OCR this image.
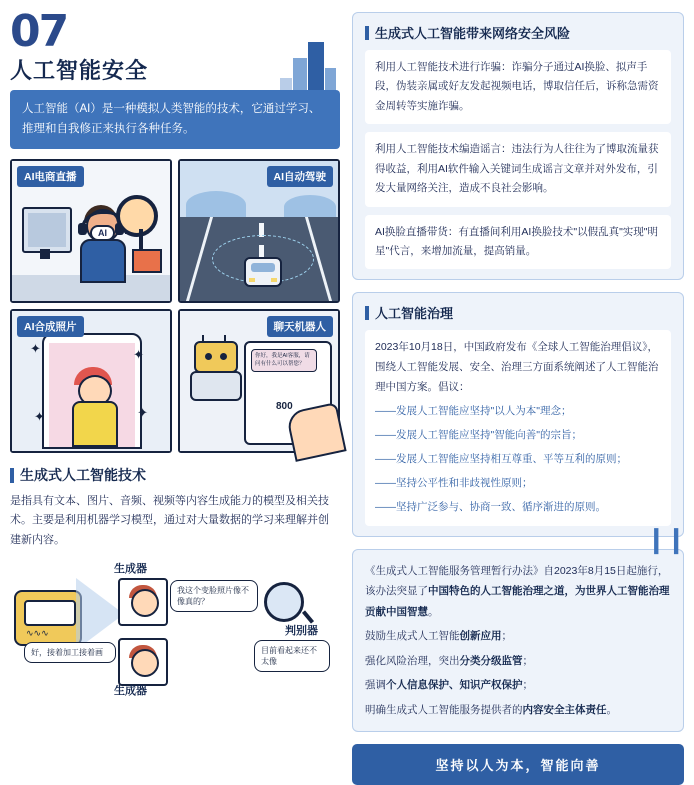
07
人工智能安全
人工智能（AI）是一种模拟人类智能的技术，它通过学习、推理和自我修正来执行各种任务。
AI电商直播
AI
AI自动驾驶
AI合成照片
✦	✦
✦	✦
聊天机器人
你好，我是AI客服，请问有什么可以帮您？
800
生成式人工智能技术
是指具有文本、图片、音频、视频等内容生成能力的模型及相关技术。主要是利用机器学习模型，通过对大量数据的学习来理解并创建新内容。
∿∿∿
生成器
我这个变脸照片像不像真的？
判别器
生成器
好，接着加工接着画	目前看起来还不太像
生成式人工智能带来网络安全风险
利用人工智能技术进行诈骗：诈骗分子通过AI换脸、拟声手段，伪装亲属或好友发起视频电话，博取信任后，诉称急需资金周转等实施诈骗。
利用人工智能技术编造谣言：违法行为人往往为了博取流量获得收益，利用AI软件输入关键词生成谣言文章并对外发布，引发大量网络关注，造成不良社会影响。
AI换脸直播带货：有直播间利用AI换脸技术"以假乱真"实现"明星"代言，来增加流量，提高销量。
人工智能治理

2023年10月18日，中国政府发布《全球人工智能治理倡议》，围绕人工智能发展、安全、治理三方面系统阐述了人工智能治理中国方案。倡议：

——发展人工智能应坚持"以人为本"理念；

——发展人工智能应坚持"智能向善"的宗旨；

——发展人工智能应坚持相互尊重、平等互利的原则；

——坚持公平性和非歧视性原则；

——坚持广泛参与、协商一致、循序渐进的原则。

❙❙

《生成式人工智能服务管理暂行办法》自2023年8月15日起施行，该办法突显了中国特色的人工智能治理之道，为世界人工智能治理贡献中国智慧。

鼓励生成式人工智能创新应用；

强化风险治理，突出分类分级监管；

强调个人信息保护、知识产权保护；

明确生成式人工智能服务提供者的内容安全主体责任。

坚持以人为本，智能向善
